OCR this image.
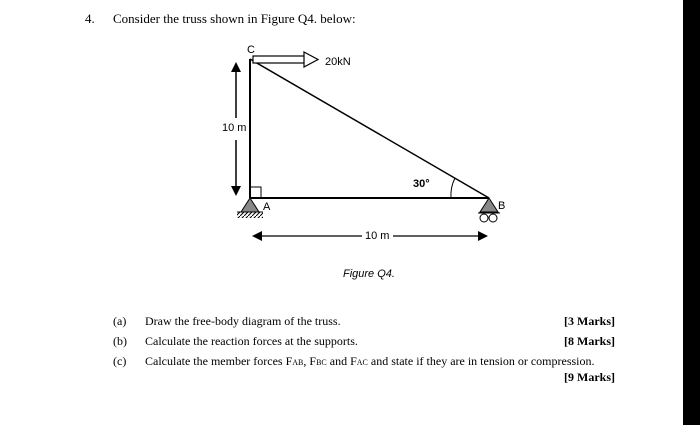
4. Consider the truss shown in Figure Q4. below:
C
20kN
10 m
30°
A	B
10 m
Figure Q4.
(a) Draw the free-body diagram of the truss.	[3 Marks]
(b) Calculate the reaction forces at the supports.	[8 Marks]
(c) Calculate the member forces FAB, FBC and FAC and state if they are in tension or compression.
[9 Marks]
